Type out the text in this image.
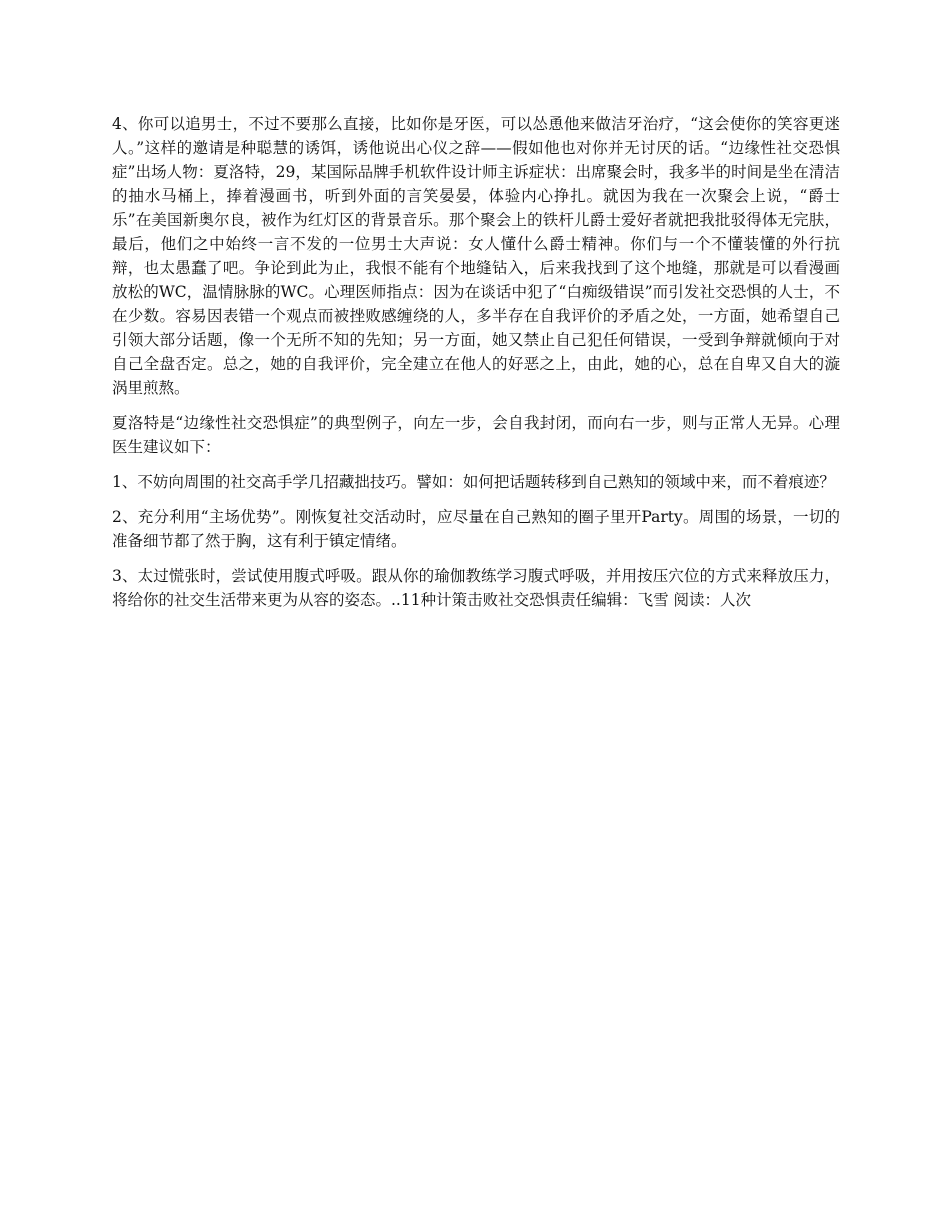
4、你可以追男士，不过不要那么直接，比如你是牙医，可以怂恿他来做洁牙治疗，“这会使你的笑容更迷人。”这样的邀请是种聪慧的诱饵，诱他说出心仪之辞——假如他也对你并无讨厌的话。“边缘性社交恐惧症”出场人物：夏洛特，29，某国际品牌手机软件设计师主诉症状：出席聚会时，我多半的时间是坐在清洁的抽水马桶上，捧着漫画书，听到外面的言笑晏晏，体验内心挣扎。就因为我在一次聚会上说，“爵士乐”在美国新奥尔良，被作为红灯区的背景音乐。那个聚会上的铁杆儿爵士爱好者就把我批驳得体无完肤，最后，他们之中始终一言不发的一位男士大声说：女人懂什么爵士精神。你们与一个不懂装懂的外行抗辩，也太愚蠢了吧。争论到此为止，我恨不能有个地缝钻入，后来我找到了这个地缝，那就是可以看漫画放松的WC，温情脉脉的WC。心理医师指点：因为在谈话中犯了“白痴级错误”而引发社交恐惧的人士，不在少数。容易因表错一个观点而被挫败感缠绕的人，多半存在自我评价的矛盾之处，一方面，她希望自己引领大部分话题，像一个无所不知的先知；另一方面，她又禁止自己犯任何错误，一受到争辩就倾向于对自己全盘否定。总之，她的自我评价，完全建立在他人的好恶之上，由此，她的心，总在自卑又自大的漩涡里煎熬。

夏洛特是“边缘性社交恐惧症”的典型例子，向左一步，会自我封闭，而向右一步，则与正常人无异。心理医生建议如下：

1、不妨向周围的社交高手学几招藏拙技巧。譬如：如何把话题转移到自己熟知的领域中来，而不着痕迹？

2、充分利用“主场优势”。刚恢复社交活动时，应尽量在自己熟知的圈子里开Party。周围的场景，一切的准备细节都了然于胸，这有利于镇定情绪。

3、太过慌张时，尝试使用腹式呼吸。跟从你的瑜伽教练学习腹式呼吸，并用按压穴位的方式来释放压力，将给你的社交生活带来更为从容的姿态。..11种计策击败社交恐惧责任编辑：飞雪 阅读：人次
